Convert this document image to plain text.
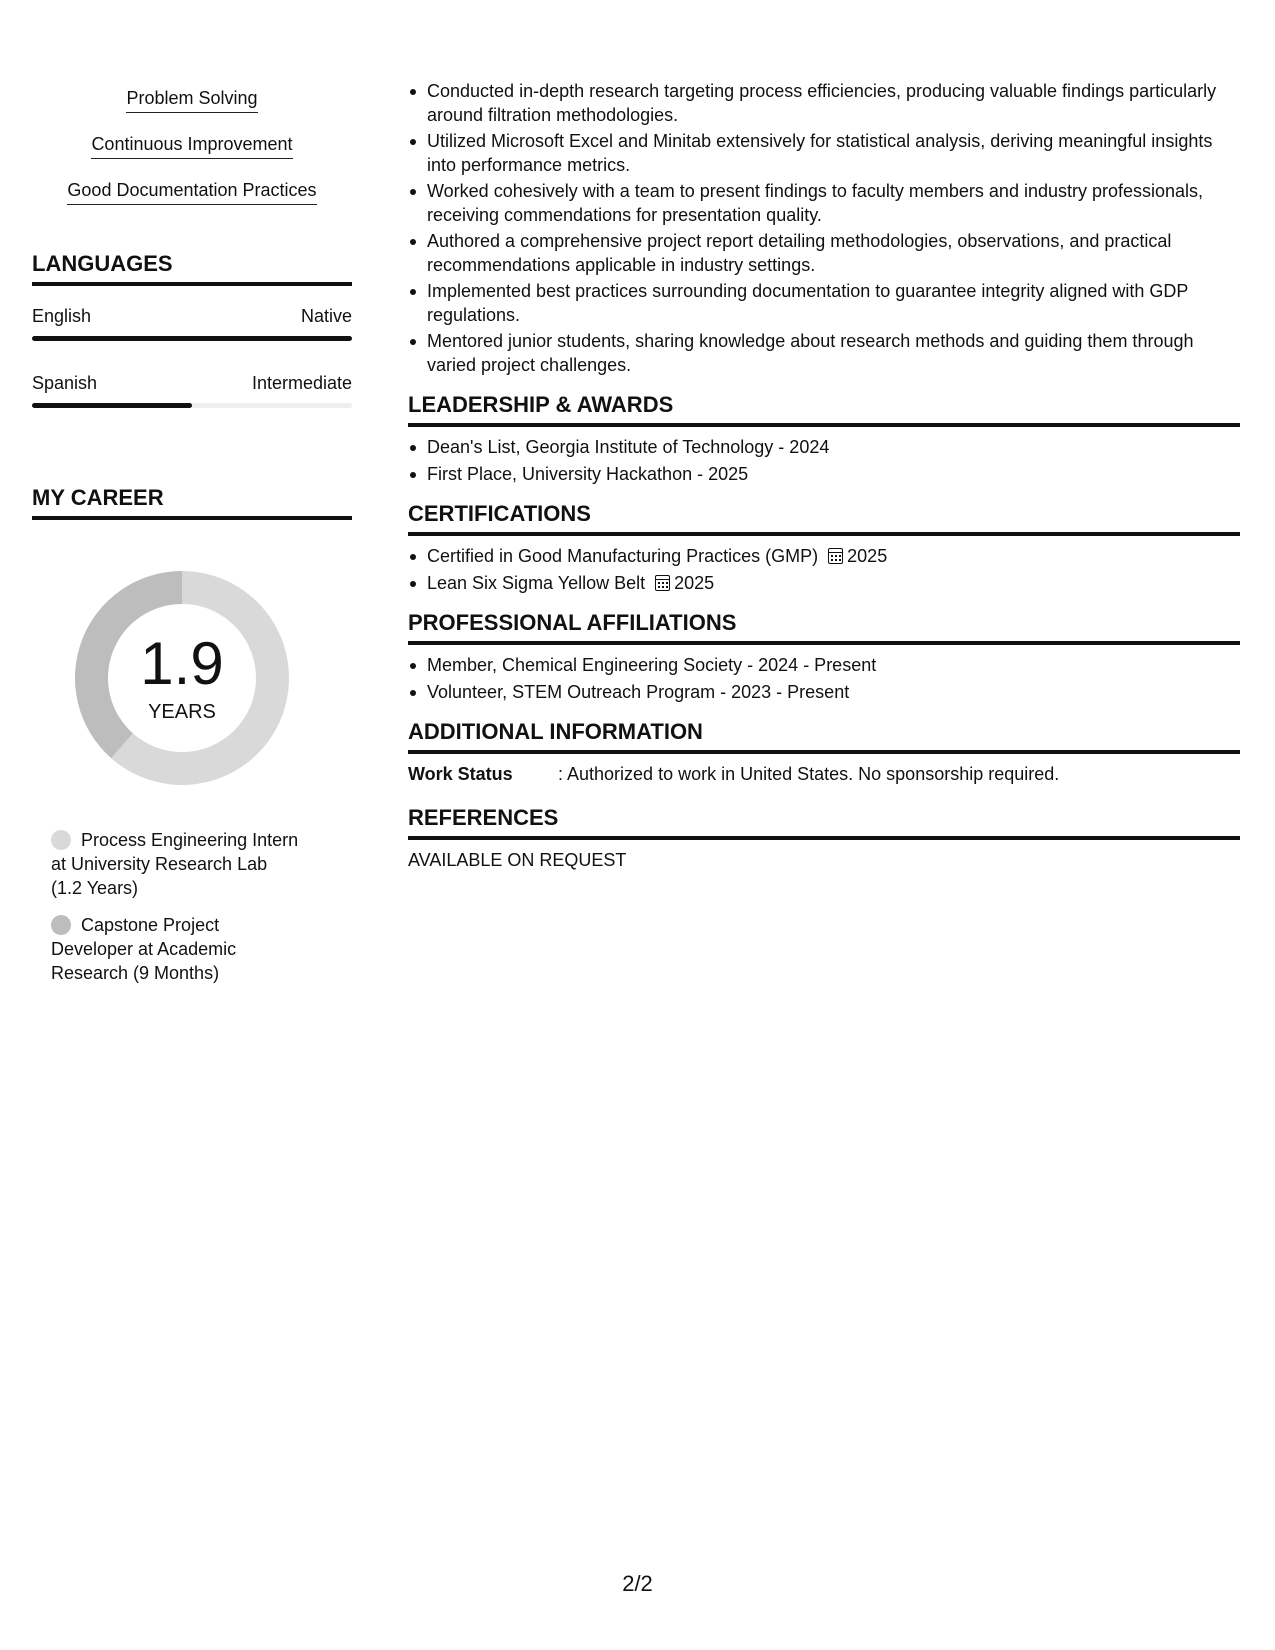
Problem Solving
Continuous Improvement
Good Documentation Practices
LANGUAGES
English	Native
Spanish	Intermediate
MY CAREER
1.9
YEARS
Process Engineering Intern at University Research Lab (1.2 Years)
Capstone Project Developer at Academic Research (9 Months)
Conducted in-depth research targeting process efficiencies, producing valuable findings particularly around filtration methodologies.
Utilized Microsoft Excel and Minitab extensively for statistical analysis, deriving meaningful insights into performance metrics.
Worked cohesively with a team to present findings to faculty members and industry professionals, receiving commendations for presentation quality.
Authored a comprehensive project report detailing methodologies, observations, and practical recommendations applicable in industry settings.
Implemented best practices surrounding documentation to guarantee integrity aligned with GDP regulations.
Mentored junior students, sharing knowledge about research methods and guiding them through varied project challenges.
LEADERSHIP & AWARDS
Dean's List, Georgia Institute of Technology - 2024
First Place, University Hackathon - 2025
CERTIFICATIONS
Certified in Good Manufacturing Practices (GMP) 2025
Lean Six Sigma Yellow Belt 2025
PROFESSIONAL AFFILIATIONS
Member, Chemical Engineering Society - 2024 - Present
Volunteer, STEM Outreach Program - 2023 - Present
ADDITIONAL INFORMATION
Work Status	: Authorized to work in United States. No sponsorship required.
REFERENCES
AVAILABLE ON REQUEST
2/2
